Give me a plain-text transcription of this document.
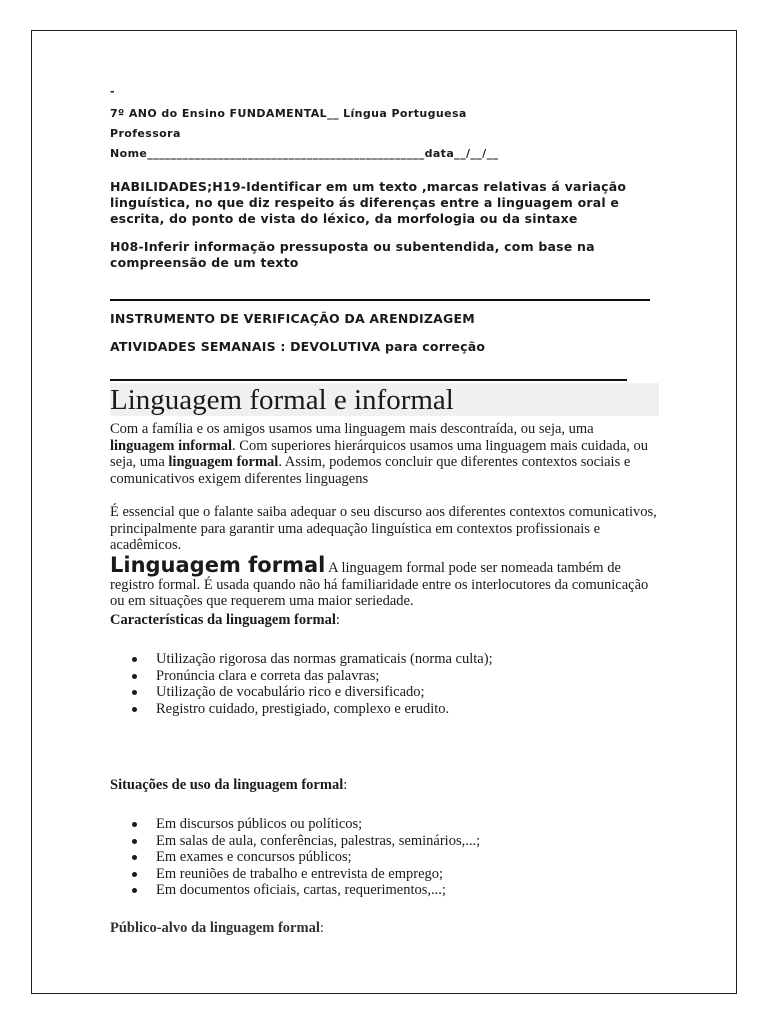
-
7º ANO do Ensino FUNDAMENTAL__ Língua Portuguesa
Professora
Nome_______________________________________________data__/__/__
HABILIDADES;H19-Identificar em um texto ,marcas relativas á variação linguística, no que diz respeito ás diferenças entre a linguagem oral e escrita, do ponto de vista do léxico, da morfologia ou da sintaxe
H08-Inferir informação pressuposta ou subentendida, com base na compreensão de um texto
INSTRUMENTO DE VERIFICAÇÃO DA ARENDIZAGEM
ATIVIDADES SEMANAIS : DEVOLUTIVA para correção
Linguagem formal e informal
Com a família e os amigos usamos uma linguagem mais descontraída, ou seja, uma linguagem informal. Com superiores hierárquicos usamos uma linguagem mais cuidada, ou seja, uma linguagem formal. Assim, podemos concluir que diferentes contextos sociais e comunicativos exigem diferentes linguagens
É essencial que o falante saiba adequar o seu discurso aos diferentes contextos comunicativos, principalmente para garantir uma adequação linguística em contextos profissionais e acadêmicos.
Linguagem formal A linguagem formal pode ser nomeada também de registro formal. É usada quando não há familiaridade entre os interlocutores da comunicação ou em situações que requerem uma maior seriedade.
Características da linguagem formal:
Utilização rigorosa das normas gramaticais (norma culta);
Pronúncia clara e correta das palavras;
Utilização de vocabulário rico e diversificado;
Registro cuidado, prestigiado, complexo e erudito.
Situações de uso da linguagem formal:
Em discursos públicos ou políticos;
Em salas de aula, conferências, palestras, seminários,...;
Em exames e concursos públicos;
Em reuniões de trabalho e entrevista de emprego;
Em documentos oficiais, cartas, requerimentos,...;
Público-alvo da linguagem formal:
